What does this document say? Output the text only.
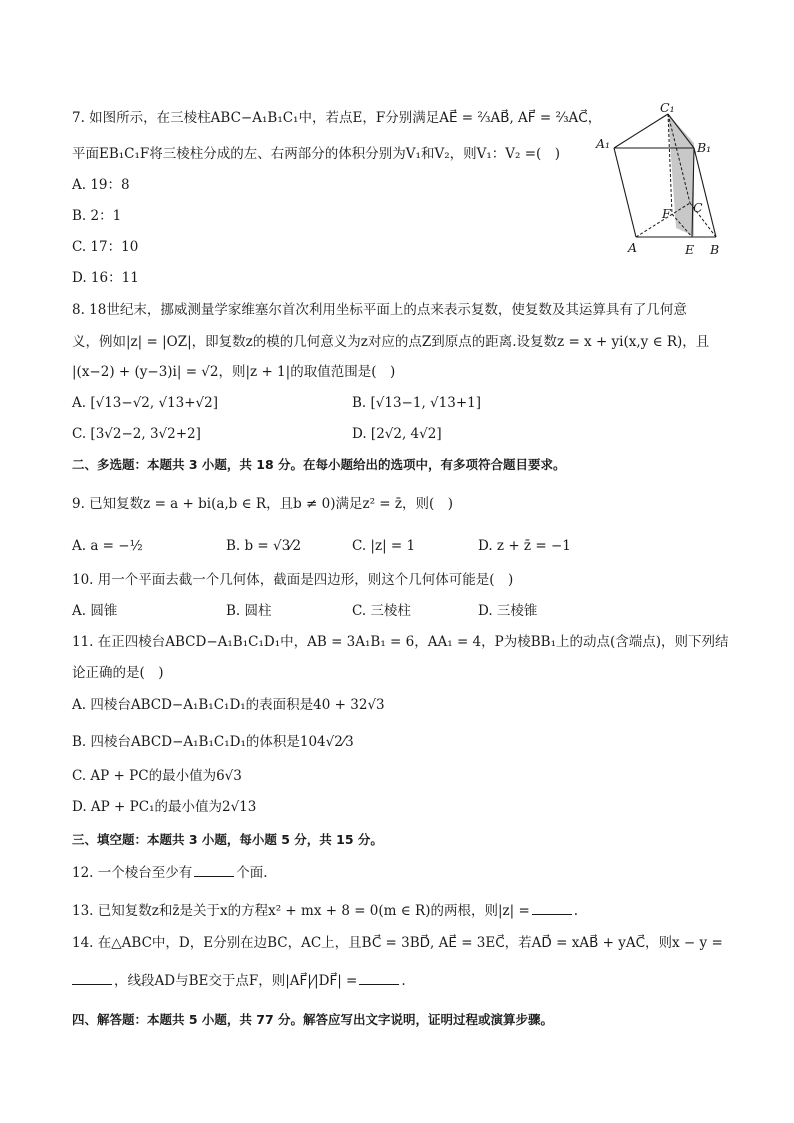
7. 如图所示，在三棱柱ABC−A₁B₁C₁中，若点E，F分别满足AE⃗ = ⅔AB⃗, AF⃗ = ⅔AC⃗，
平面EB₁C₁F将三棱柱分成的左、右两部分的体积分别为V₁和V₂，则V₁：V₂ =(　)
A. 19：8
B. 2：1
C. 17：10
D. 16：11
C₁
A₁	B₁
F C
A	E B
8. 18世纪末，挪威测量学家维塞尔首次利用坐标平面上的点来表示复数，使复数及其运算具有了几何意
义，例如|z| = |OZ|，即复数z的模的几何意义为z对应的点Z到原点的距离.设复数z = x + yi(x,y ∈ R)，且
|(x−2) + (y−3)i| = √2，则|z + 1|的取值范围是(　)
A. [√13−√2, √13+√2]	B. [√13−1, √13+1]
C. [3√2−2, 3√2+2]	D. [2√2, 4√2]
二、多选题：本题共 3 小题，共 18 分。在每小题给出的选项中，有多项符合题目要求。
9. 已知复数z = a + bi(a,b ∈ R，且b ≠ 0)满足z² = z̄，则(　)
A. a = −½	B. b = √3⁄2	C. |z| = 1	D. z + z̄ = −1
10. 用一个平面去截一个几何体，截面是四边形，则这个几何体可能是(　)
A. 圆锥	B. 圆柱	C. 三棱柱	D. 三棱锥
11. 在正四棱台ABCD−A₁B₁C₁D₁中，AB = 3A₁B₁ = 6，AA₁ = 4，P为棱BB₁上的动点(含端点)，则下列结
论正确的是(　)
A. 四棱台ABCD−A₁B₁C₁D₁的表面积是40 + 32√3
B. 四棱台ABCD−A₁B₁C₁D₁的体积是104√2⁄3
C. AP + PC的最小值为6√3
D. AP + PC₁的最小值为2√13
三、填空题：本题共 3 小题，每小题 5 分，共 15 分。
12. 一个棱台至少有	个面.
13. 已知复数z和z̄是关于x的方程x² + mx + 8 = 0(m ∈ R)的两根，则|z| =	.
14. 在△ABC中，D，E分别在边BC，AC上，且BC⃗ = 3BD⃗, AE⃗ = 3EC⃗，若AD⃗ = xAB⃗ + yAC⃗，则x − y =
，线段AD与BE交于点F，则|AF⃗|⁄|DF⃗| =	.
四、解答题：本题共 5 小题，共 77 分。解答应写出文字说明，证明过程或演算步骤。
